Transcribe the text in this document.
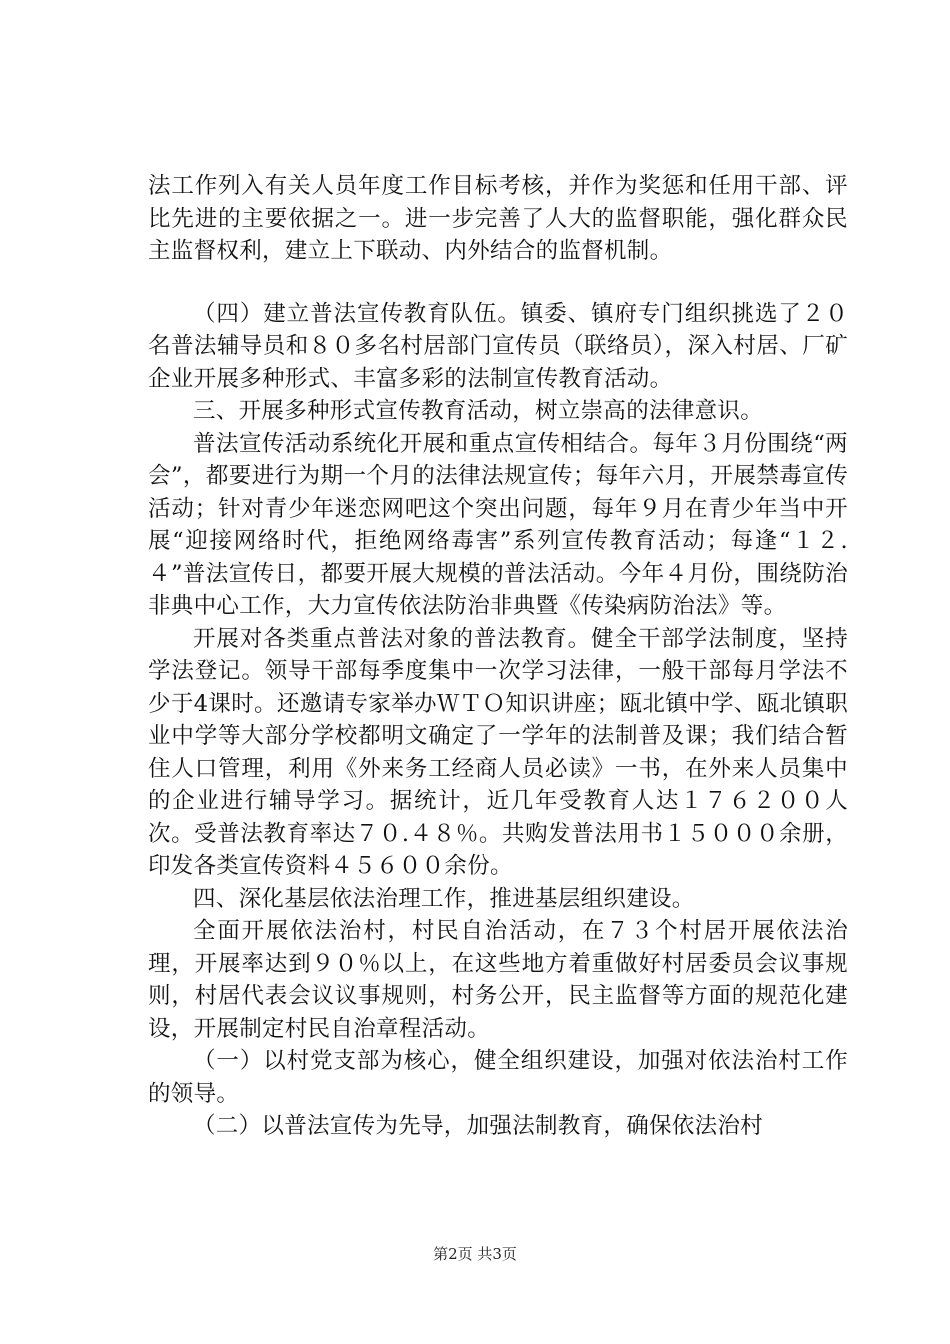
法工作列入有关人员年度工作目标考核，并作为奖惩和任用干部、评比先进的主要依据之一。进一步完善了人大的监督职能，强化群众民主监督权利，建立上下联动、内外结合的监督机制。

（四）建立普法宣传教育队伍。镇委、镇府专门组织挑选了２０名普法辅导员和８０多名村居部门宣传员（联络员），深入村居、厂矿企业开展多种形式、丰富多彩的法制宣传教育活动。

三、开展多种形式宣传教育活动，树立崇高的法律意识。

普法宣传活动系统化开展和重点宣传相结合。每年３月份围绕“两会”，都要进行为期一个月的法律法规宣传；每年六月，开展禁毒宣传活动；针对青少年迷恋网吧这个突出问题，每年９月在青少年当中开展“迎接网络时代，拒绝网络毒害”系列宣传教育活动；每逢“１２.４”普法宣传日，都要开展大规模的普法活动。今年４月份，围绕防治非典中心工作，大力宣传依法防治非典暨《传染病防治法》等。

开展对各类重点普法对象的普法教育。健全干部学法制度，坚持学法登记。领导干部每季度集中一次学习法律，一般干部每月学法不少于4课时。还邀请专家举办ＷＴＯ知识讲座；瓯北镇中学、瓯北镇职业中学等大部分学校都明文确定了一学年的法制普及课；我们结合暂住人口管理，利用《外来务工经商人员必读》一书，在外来人员集中的企业进行辅导学习。据统计，近几年受教育人达１７６２００人次。受普法教育率达７０.４８％。共购发普法用书１５０００余册，印发各类宣传资料４５６００余份。

四、深化基层依法治理工作，推进基层组织建设。

全面开展依法治村，村民自治活动，在７３个村居开展依法治理，开展率达到９０％以上，在这些地方着重做好村居委员会议事规则，村居代表会议议事规则，村务公开，民主监督等方面的规范化建设，开展制定村民自治章程活动。

（一）以村党支部为核心，健全组织建设，加强对依法治村工作的领导。

（二）以普法宣传为先导，加强法制教育，确保依法治村

第2页 共3页
